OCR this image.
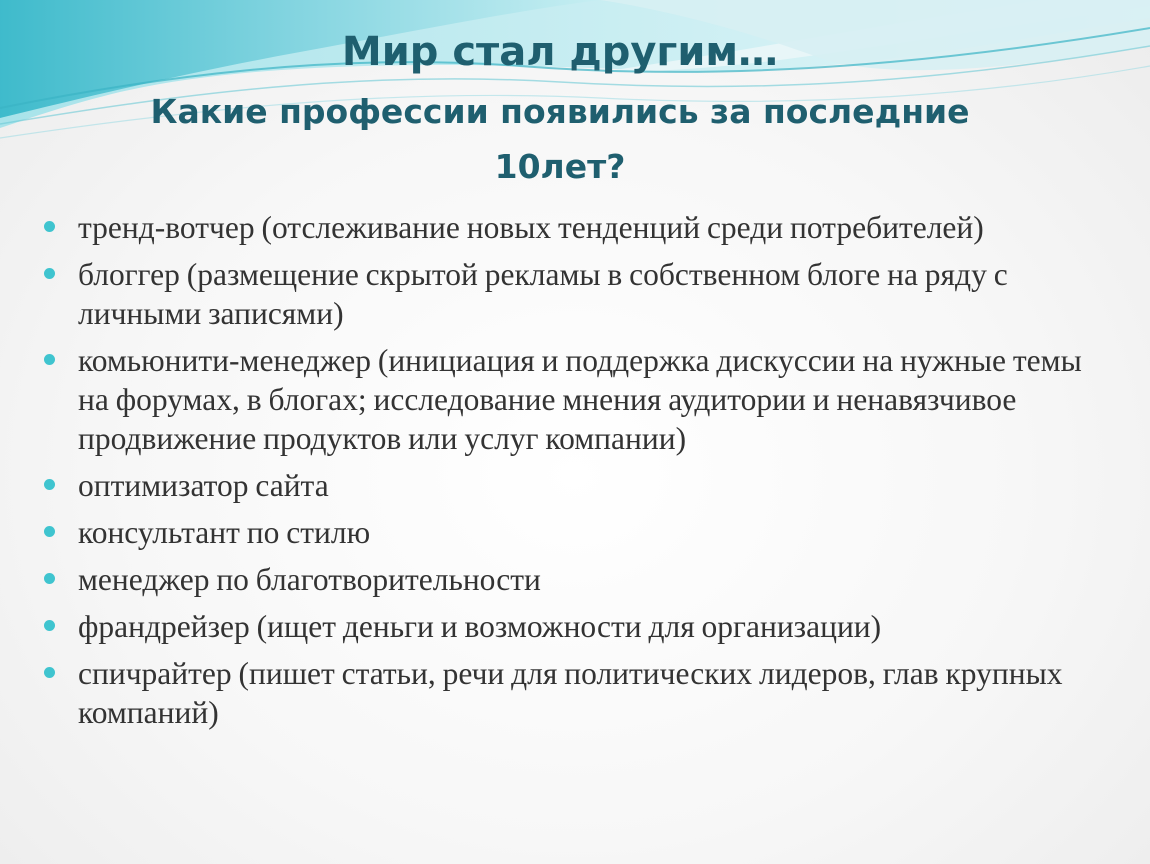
Мир стал другим…
Какие профессии появились за последние
10лет?
тренд-вотчер (отслеживание новых тенденций среди потребителей)
блоггер (размещение скрытой рекламы в собственном блоге на ряду с личными записями)
комьюнити-менеджер (инициация и поддержка дискуссии на нужные темы на форумах, в блогах; исследование мнения аудитории и ненавязчивое продвижение продуктов или услуг компании)
оптимизатор сайта
консультант по стилю
менеджер по благотворительности
франдрейзер (ищет деньги и возможности для организации)
спичрайтер (пишет статьи, речи для политических лидеров, глав крупных компаний)
